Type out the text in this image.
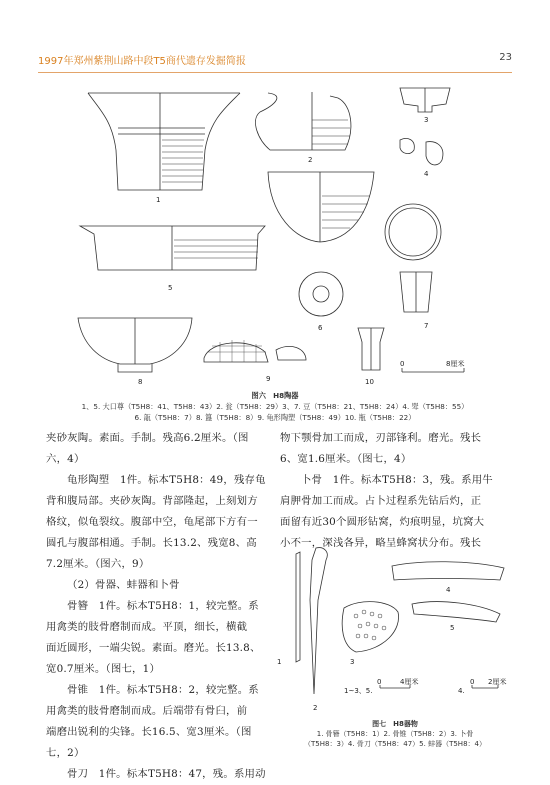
1997年郑州紫荆山路中段T5商代遗存发掘简报	23
1
2
3
4
5
6	7
8	9	10
0	8厘米
图六　H8陶器
1、5. 大口尊（T5H8：41、T5H8：43）2. 瓮（T5H8：29）3、7. 豆（T5H8：21、T5H8：24）4. 斝（T5H8：55）
6. 瓿（T5H8：7）8. 簋（T5H8：8）9. 龟形陶塑（T5H8：49）10. 瓶（T5H8：22）

夹砂灰陶。素面。手制。残高6.2厘米。（图

六，4）

龟形陶塑　1件。标本T5H8：49，残存龟

背和腹局部。夹砂灰陶。背部隆起，上刻划方

格纹，似龟裂纹。腹部中空，龟尾部下方有一

圆孔与腹部相通。手制。长13.2、残宽8、高

7.2厘米。（图六，9）

（2）骨器、蚌器和卜骨

骨簪　1件。标本T5H8：1，较完整。系

用禽类的肢骨磨制而成。平顶，细长，横截

面近圆形，一端尖锐。素面。磨光。长13.8、

宽0.7厘米。（图七，1）

骨锥　1件。标本T5H8：2，较完整。系

用禽类的肢骨磨制而成。后端带有骨臼，前

端磨出锐利的尖锋。长16.5、宽3厘米。（图

七，2）

骨刀　1件。标本T5H8：47，残。系用动

物下颚骨加工而成，刃部锋利。磨光。残长

6、宽1.6厘米。（图七，4）

卜骨　1件。标本T5H8：3，残。系用牛

肩胛骨加工而成。占卜过程系先钻后灼，正

面留有近30个圆形钻窝，灼痕明显，坑窝大

小不一，深浅各异，略呈蜂窝状分布。残长

1
2
3
4
5
1~3、5.
0	4厘米
4.
0 2厘米
图七　H8器物
1. 骨簪（T5H8：1）2. 骨锥（T5H8：2）3. 卜骨
（T5H8：3）4. 骨刀（T5H8：47）5. 蚌器（T5H8：4）
